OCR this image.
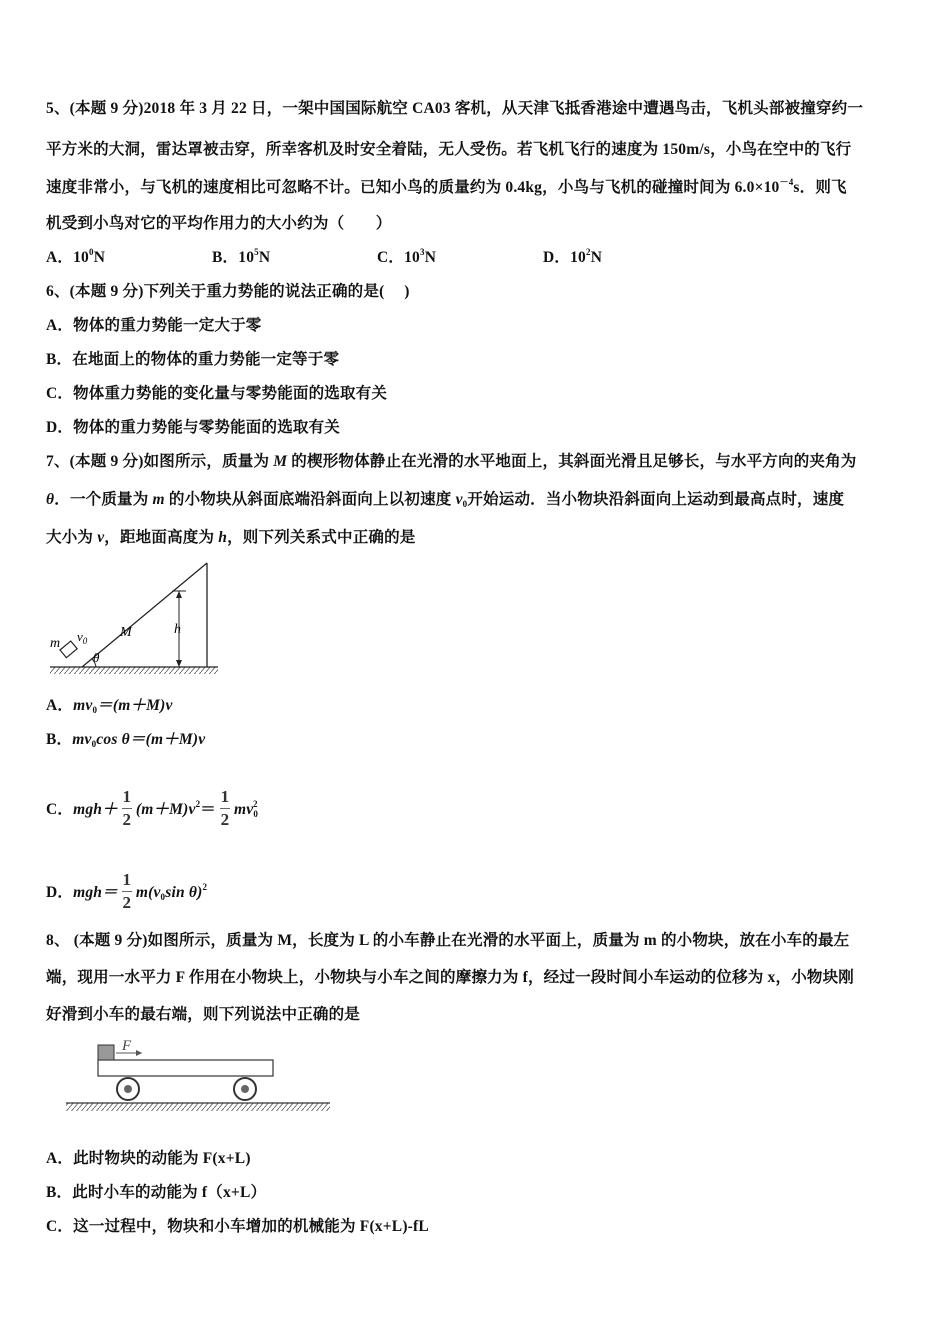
5、(本题 9 分)2018 年 3 月 22 日，一架中国国际航空 CA03 客机，从天津飞抵香港途中遭遇鸟击，飞机头部被撞穿约一
平方米的大洞，雷达罩被击穿，所幸客机及时安全着陆，无人受伤。若飞机飞行的速度为 150m/s，小鸟在空中的飞行
速度非常小，与飞机的速度相比可忽略不计。已知小鸟的质量约为 0.4kg，小鸟与飞机的碰撞时间为 $6.0\times 10^{-4}s$．则飞
机受到小鸟对它的平均作用力的大小约为（　　）
A．$10^0N$	B．$10^5N$	C．$10^3N$	D．$10^2N$
6、(本题 9 分)下列关于重力势能的说法正确的是(　 )
A．物体的重力势能一定大于零
B．在地面上的物体的重力势能一定等于零
C．物体重力势能的变化量与零势能面的选取有关
D．物体的重力势能与零势能面的选取有关
7、(本题 9 分)如图所示，质量为 M 的楔形物体静止在光滑的水平地面上，其斜面光滑且足够长，与水平方向的夹角为
θ．一个质量为 m 的小物块从斜面底端沿斜面向上以初速度 $v_0$开始运动．当小物块沿斜面向上运动到最高点时，速度
大小为 v，距地面高度为 h，则下列关系式中正确的是
m $v_0$
M	h
θ
A．$mv_0=(m+M)v$
B．$mv_0\cos$ θ＝(m＋M)v
C．$mgh+ \frac{1}{2} (m+M)v^2= \frac{1}{2} mv_0^2$
D．$mgh= \frac{1}{2} m(v_0\sin$ θ)$^2$
8、 (本题 9 分)如图所示，质量为 M，长度为 L 的小车静止在光滑的水平面上，质量为 m 的小物块，放在小车的最左
端，现用一水平力 F 作用在小物块上，小物块与小车之间的摩擦力为 f，经过一段时间小车运动的位移为 x，小物块刚
好滑到小车的最右端，则下列说法中正确的是
F
A．此时物块的动能为 F(x+L)
B．此时小车的动能为 f（x+L）
C．这一过程中，物块和小车增加的机械能为 F(x+L)-fL
